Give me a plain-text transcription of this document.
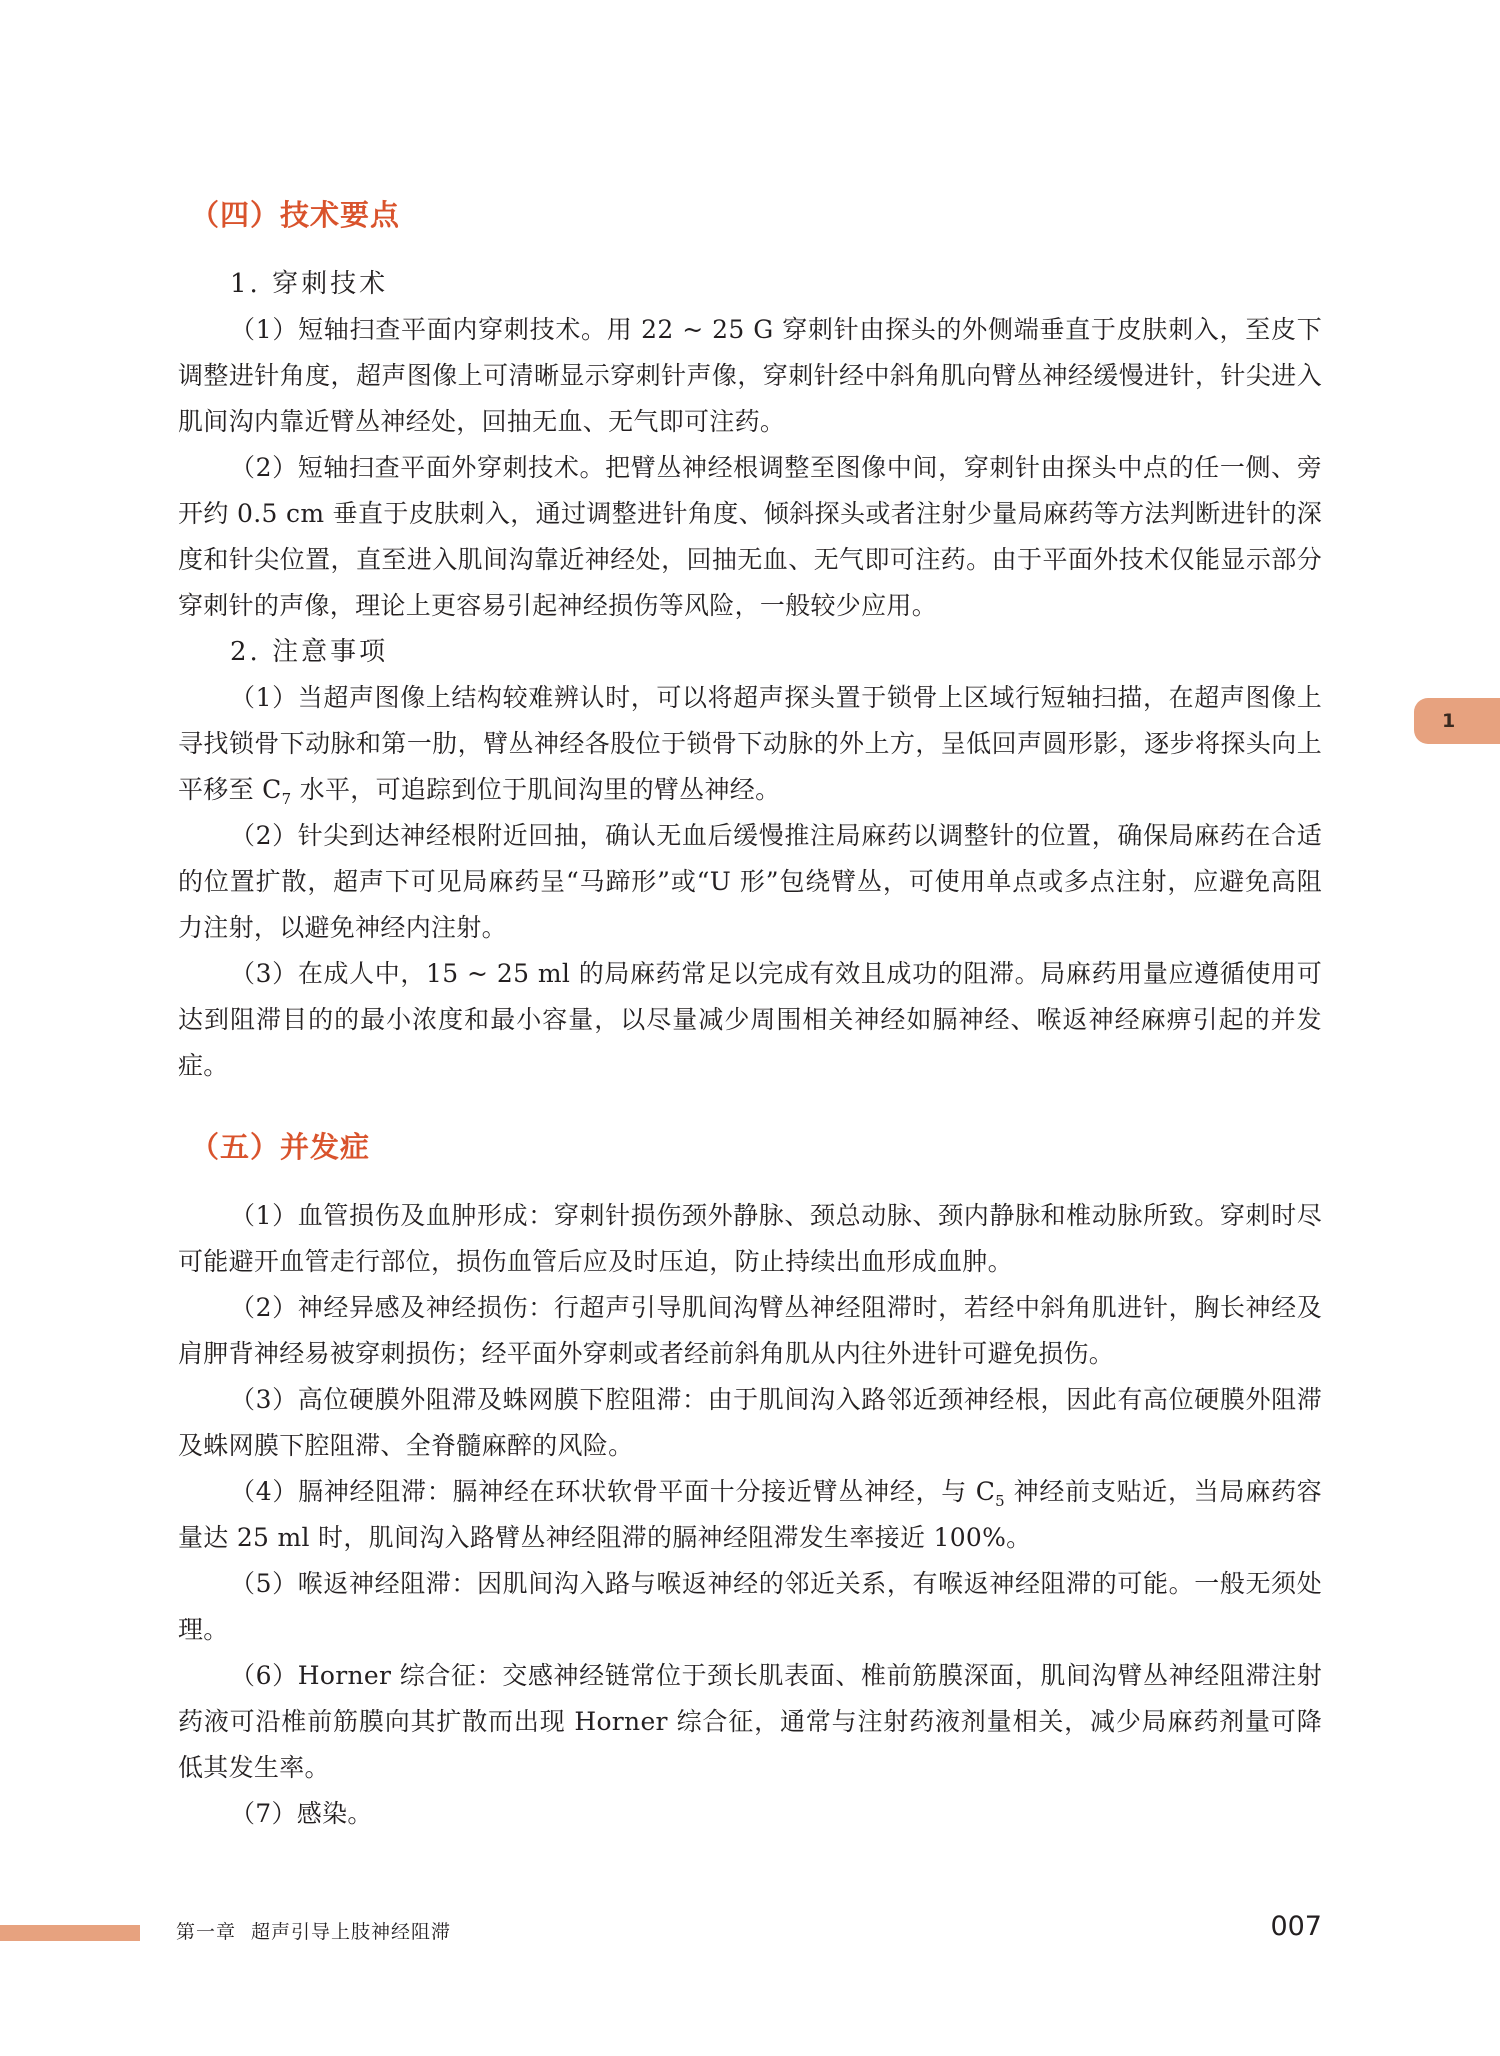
（四）技术要点
1. 穿刺技术

（1）短轴扫查平面内穿刺技术。用 22 ~ 25 G 穿刺针由探头的外侧端垂直于皮肤刺入，至皮下调整进针角度，超声图像上可清晰显示穿刺针声像，穿刺针经中斜角肌向臂丛神经缓慢进针，针尖进入肌间沟内靠近臂丛神经处，回抽无血、无气即可注药。

（2）短轴扫查平面外穿刺技术。把臂丛神经根调整至图像中间，穿刺针由探头中点的任一侧、旁开约 0.5 cm 垂直于皮肤刺入，通过调整进针角度、倾斜探头或者注射少量局麻药等方法判断进针的深度和针尖位置，直至进入肌间沟靠近神经处，回抽无血、无气即可注药。由于平面外技术仅能显示部分穿刺针的声像，理论上更容易引起神经损伤等风险，一般较少应用。

2. 注意事项

（1）当超声图像上结构较难辨认时，可以将超声探头置于锁骨上区域行短轴扫描，在超声图像上寻找锁骨下动脉和第一肋，臂丛神经各股位于锁骨下动脉的外上方，呈低回声圆形影，逐步将探头向上平移至 $C_7$ 水平，可追踪到位于肌间沟里的臂丛神经。

（2）针尖到达神经根附近回抽，确认无血后缓慢推注局麻药以调整针的位置，确保局麻药在合适的位置扩散，超声下可见局麻药呈“马蹄形”或“U 形”包绕臂丛，可使用单点或多点注射，应避免高阻力注射，以避免神经内注射。

（3）在成人中，15 ~ 25 ml 的局麻药常足以完成有效且成功的阻滞。局麻药用量应遵循使用可达到阻滞目的的最小浓度和最小容量，以尽量减少周围相关神经如膈神经、喉返神经麻痹引起的并发症。

（五）并发症

（1）血管损伤及血肿形成：穿刺针损伤颈外静脉、颈总动脉、颈内静脉和椎动脉所致。穿刺时尽可能避开血管走行部位，损伤血管后应及时压迫，防止持续出血形成血肿。

（2）神经异感及神经损伤：行超声引导肌间沟臂丛神经阻滞时，若经中斜角肌进针，胸长神经及肩胛背神经易被穿刺损伤；经平面外穿刺或者经前斜角肌从内往外进针可避免损伤。

（3）高位硬膜外阻滞及蛛网膜下腔阻滞：由于肌间沟入路邻近颈神经根，因此有高位硬膜外阻滞及蛛网膜下腔阻滞、全脊髓麻醉的风险。

（4）膈神经阻滞：膈神经在环状软骨平面十分接近臂丛神经，与 $C_5$ 神经前支贴近，当局麻药容量达 25 ml 时，肌间沟入路臂丛神经阻滞的膈神经阻滞发生率接近 100%。

（5）喉返神经阻滞：因肌间沟入路与喉返神经的邻近关系，有喉返神经阻滞的可能。一般无须处理。

（6）Horner 综合征：交感神经链常位于颈长肌表面、椎前筋膜深面，肌间沟臂丛神经阻滞注射药液可沿椎前筋膜向其扩散而出现 Horner 综合征，通常与注射药液剂量相关，减少局麻药剂量可降低其发生率。

（7）感染。

1
第一章 超声引导上肢神经阻滞	007
